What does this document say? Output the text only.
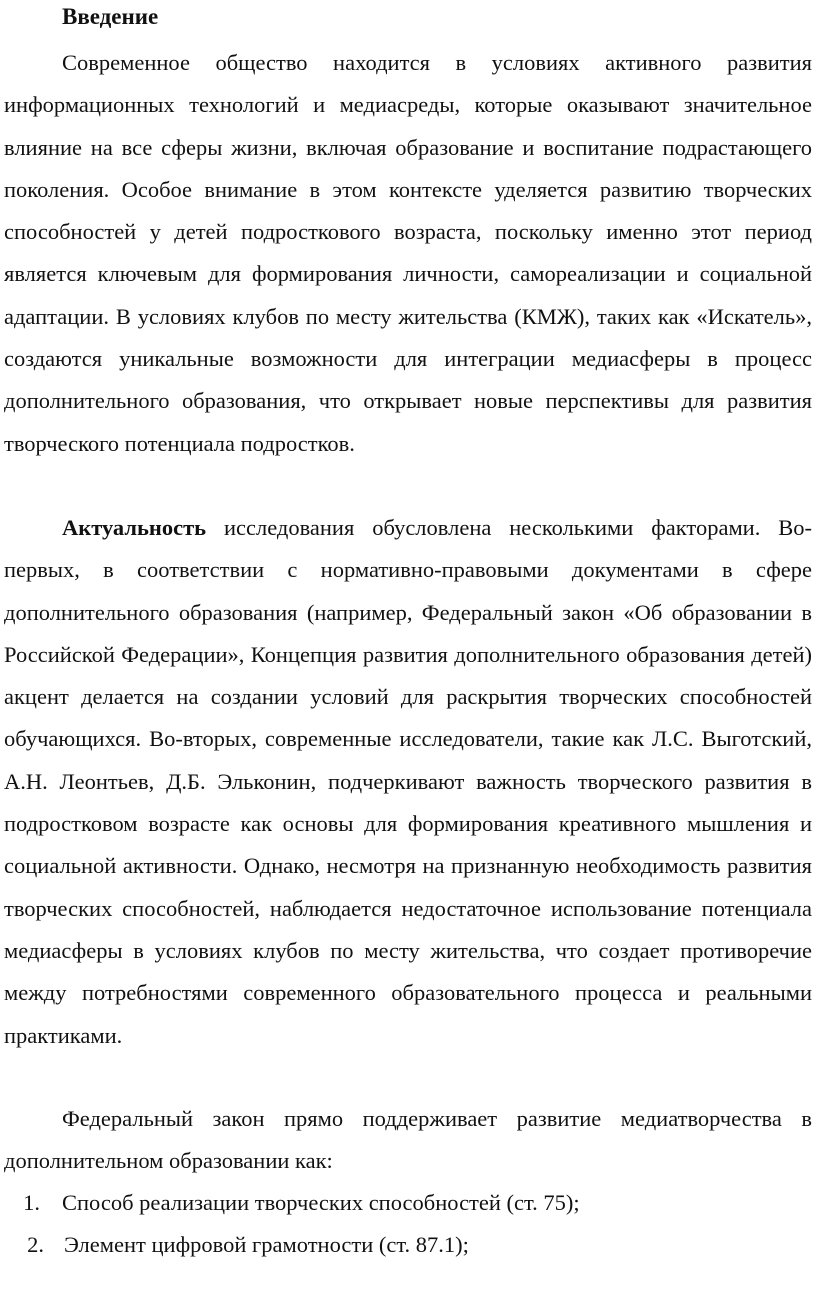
Введение

Современное общество находится в условиях активного развития информационных технологий и медиасреды, которые оказывают значительное влияние на все сферы жизни, включая образование и воспитание подрастающего поколения. Особое внимание в этом контексте уделяется развитию творческих способностей у детей подросткового возраста, поскольку именно этот период является ключевым для формирования личности, самореализации и социальной адаптации. В условиях клубов по месту жительства (КМЖ), таких как «Искатель», создаются уникальные возможности для интеграции медиасферы в процесс дополнительного образования, что открывает новые перспективы для развития творческого потенциала подростков.

Актуальность исследования обусловлена несколькими факторами. Во-первых, в соответствии с нормативно-правовыми документами в сфере дополнительного образования (например, Федеральный закон «Об образовании в Российской Федерации», Концепция развития дополнительного образования детей) акцент делается на создании условий для раскрытия творческих способностей обучающихся. Во-вторых, современные исследователи, такие как Л.С. Выготский, А.Н. Леонтьев, Д.Б. Эльконин, подчеркивают важность творческого развития в подростковом возрасте как основы для формирования креативного мышления и социальной активности. Однако, несмотря на признанную необходимость развития творческих способностей, наблюдается недостаточное использование потенциала медиасферы в условиях клубов по месту жительства, что создает противоречие между потребностями современного образовательного процесса и реальными практиками.

Федеральный закон прямо поддерживает развитие медиатворчества в дополнительном образовании как:

1. Способ реализации творческих способностей (ст. 75);
2. Элемент цифровой грамотности (ст. 87.1);
